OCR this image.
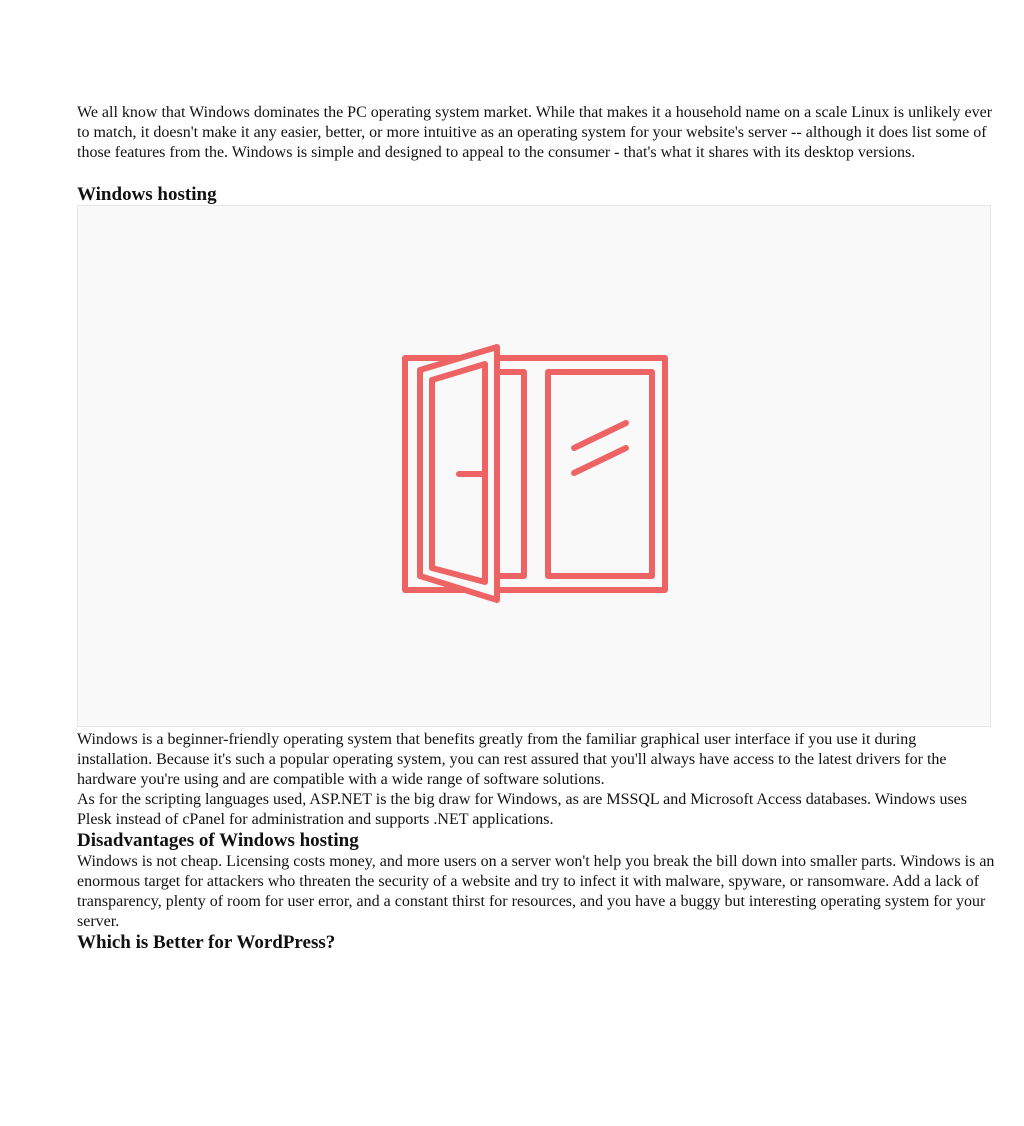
We all know that Windows dominates the PC operating system market. While that makes it a household name on a scale Linux is unlikely ever to match, it doesn't make it any easier, better, or more intuitive as an operating system for your website's server -- although it does list some of those features from the. Windows is simple and designed to appeal to the consumer - that's what it shares with its desktop versions.

Windows hosting

Windows is a beginner-friendly operating system that benefits greatly from the familiar graphical user interface if you use it during installation. Because it's such a popular operating system, you can rest assured that you'll always have access to the latest drivers for the hardware you're using and are compatible with a wide range of software solutions.

As for the scripting languages used, ASP.NET is the big draw for Windows, as are MSSQL and Microsoft Access databases. Windows uses Plesk instead of cPanel for administration and supports .NET applications.

Disadvantages of Windows hosting

Windows is not cheap. Licensing costs money, and more users on a server won't help you break the bill down into smaller parts. Windows is an enormous target for attackers who threaten the security of a website and try to infect it with malware, spyware, or ransomware. Add a lack of transparency, plenty of room for user error, and a constant thirst for resources, and you have a buggy but interesting operating system for your server.

Which is Better for WordPress?
